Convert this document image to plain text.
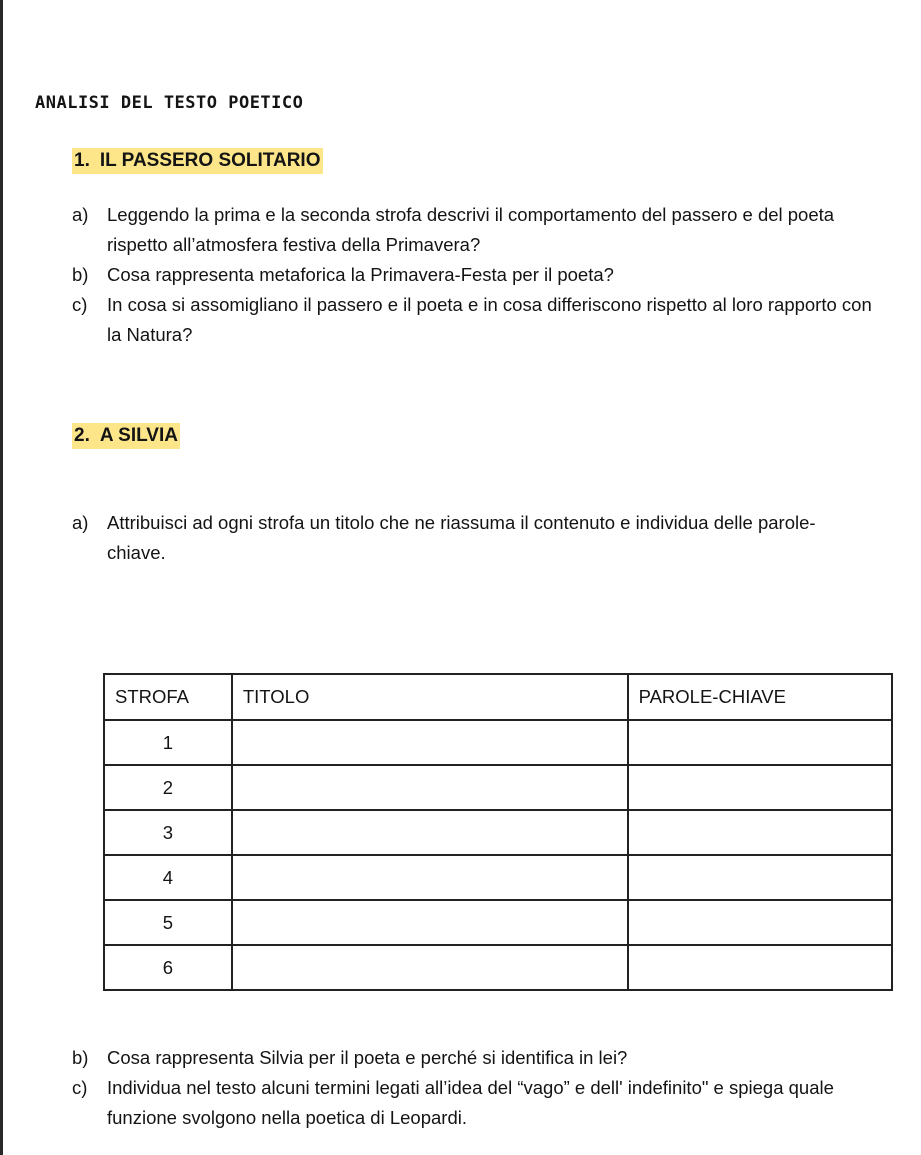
ANALISI DEL TESTO POETICO
1. IL PASSERO SOLITARIO
a)	Leggendo la prima e la seconda strofa descrivi il comportamento del passero e del poeta rispetto all’atmosfera festiva della Primavera?
b)	Cosa rappresenta metaforica la Primavera-Festa per il poeta?
c)	In cosa si assomigliano il passero e il poeta e in cosa differiscono rispetto al loro rapporto con la Natura?
2. A SILVIA
a)	Attribuisci ad ogni strofa un titolo che ne riassuma il contenuto e individua delle parole-chiave.
STROFA	TITOLO	PAROLE-CHIAVE
1		
2		
3		
4		
5		
6		
b)	Cosa rappresenta Silvia per il poeta e perché si identifica in lei?
c)	Individua nel testo alcuni termini legati all’idea del “vago” e dell' indefinito" e spiega quale funzione svolgono nella poetica di Leopardi.
